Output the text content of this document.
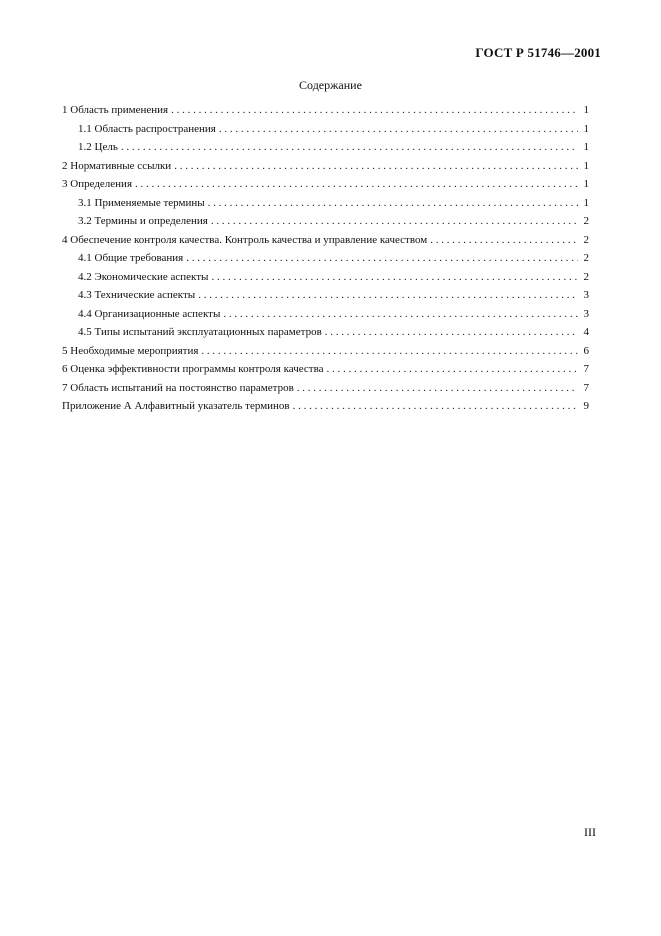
ГОСТ Р 51746—2001
Содержание
1 Область применения . . .	1
1.1 Область распространения . . .	1
1.2 Цель . . .	1
2 Нормативные ссылки . . .	1
3 Определения . . .	1
3.1 Применяемые термины . . .	1
3.2 Термины и определения . . .	2
4 Обеспечение контроля качества. Контроль качества и управление качеством . . .	2
4.1 Общие требования . . .	2
4.2 Экономические аспекты . . .	2
4.3 Технические аспекты . . .	3
4.4 Организационные аспекты . . .	3
4.5 Типы испытаний эксплуатационных параметров . . .	4
5 Необходимые мероприятия . . .	6
6 Оценка эффективности программы контроля качества . . .	7
7 Область испытаний на постоянство параметров . . .	7
Приложение А Алфавитный указатель терминов . . .	9
III
